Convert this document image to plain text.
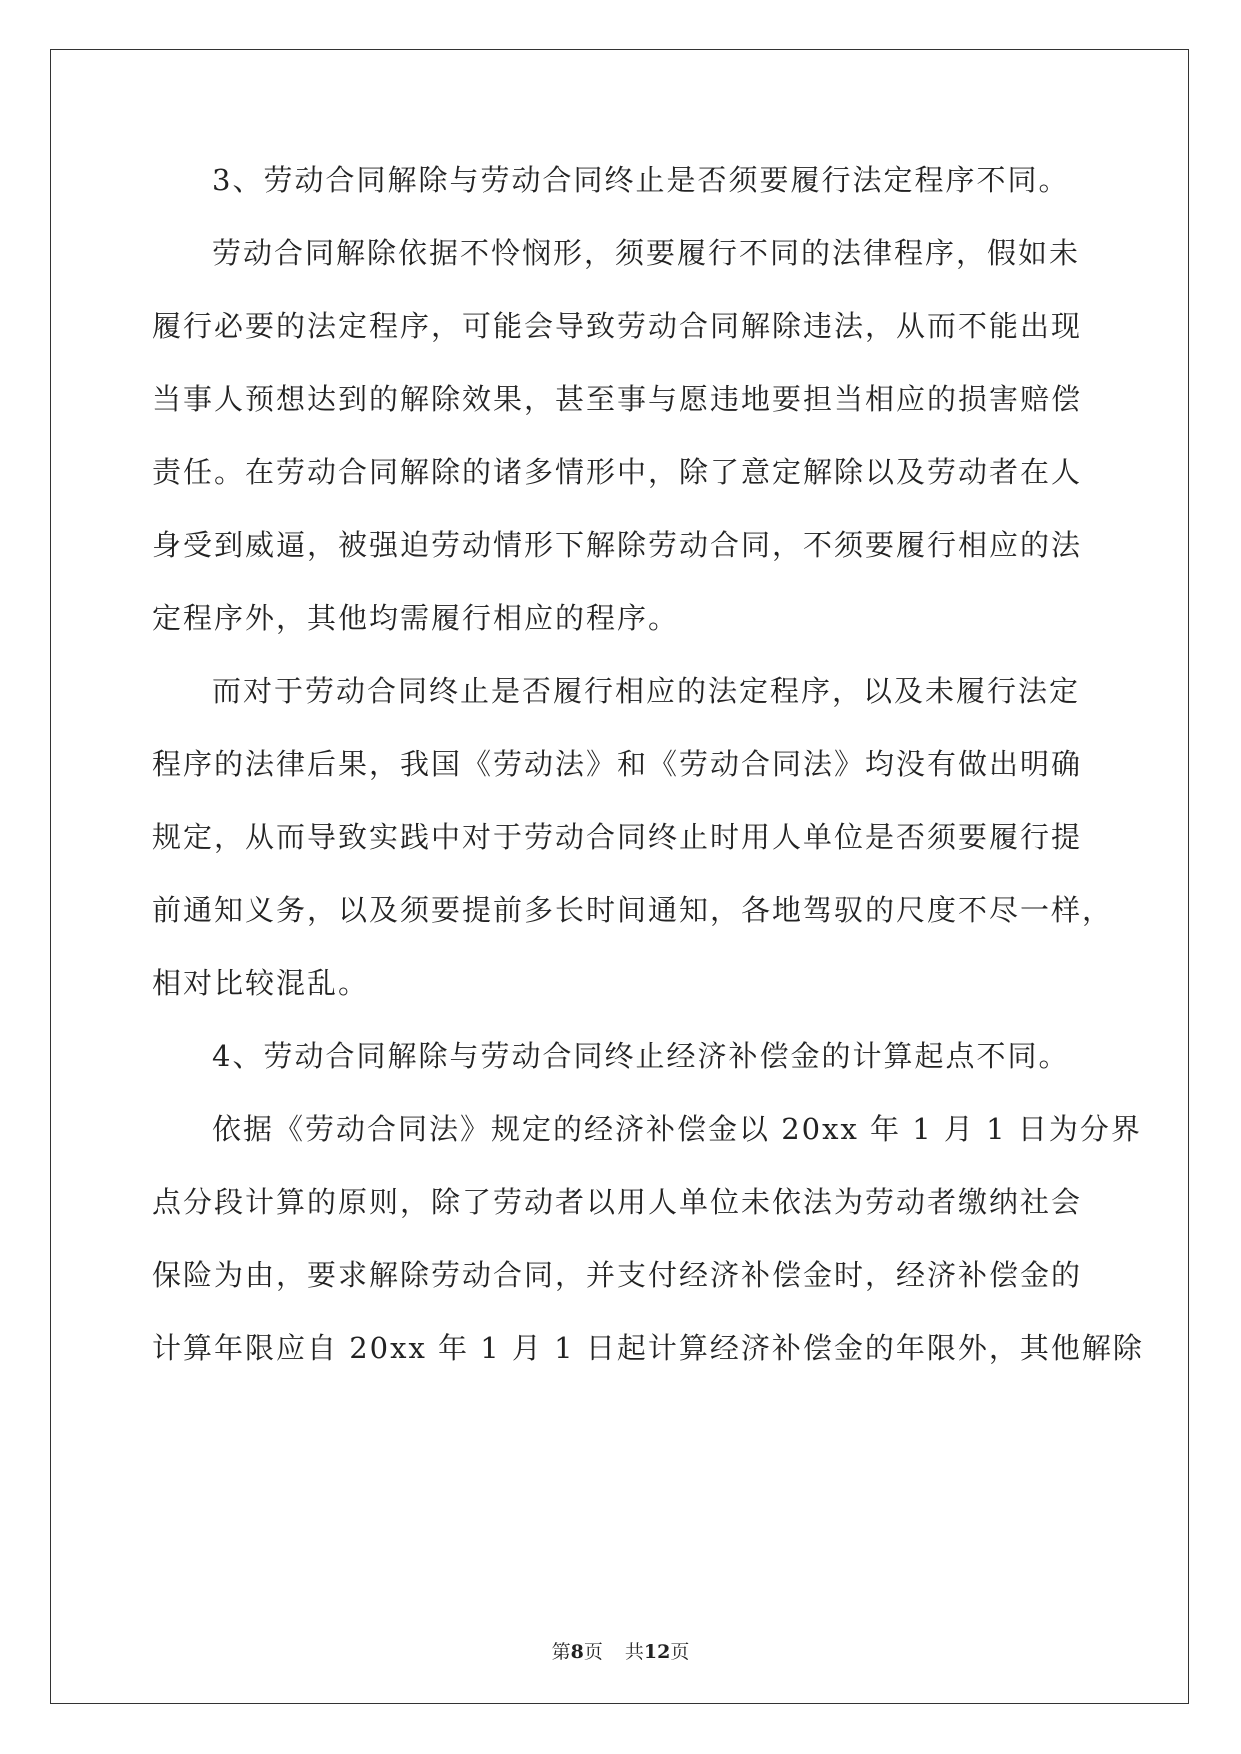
3、劳动合同解除与劳动合同终止是否须要履行法定程序不同。
劳动合同解除依据不怜悯形，须要履行不同的法律程序，假如未
履行必要的法定程序，可能会导致劳动合同解除违法，从而不能出现
当事人预想达到的解除效果，甚至事与愿违地要担当相应的损害赔偿
责任。在劳动合同解除的诸多情形中，除了意定解除以及劳动者在人
身受到威逼，被强迫劳动情形下解除劳动合同，不须要履行相应的法
定程序外，其他均需履行相应的程序。
而对于劳动合同终止是否履行相应的法定程序，以及未履行法定
程序的法律后果，我国《劳动法》和《劳动合同法》均没有做出明确
规定，从而导致实践中对于劳动合同终止时用人单位是否须要履行提
前通知义务，以及须要提前多长时间通知，各地驾驭的尺度不尽一样，
相对比较混乱。
4、劳动合同解除与劳动合同终止经济补偿金的计算起点不同。
依据《劳动合同法》规定的经济补偿金以 20xx 年 1 月 1 日为分界
点分段计算的原则，除了劳动者以用人单位未依法为劳动者缴纳社会
保险为由，要求解除劳动合同，并支付经济补偿金时，经济补偿金的
计算年限应自 20xx 年 1 月 1 日起计算经济补偿金的年限外，其他解除
第8页 共12页
